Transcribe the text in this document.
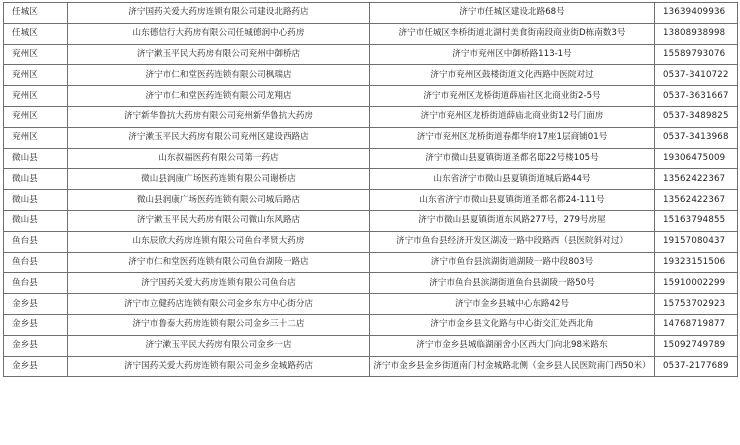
任城区	济宁国药关爱大药房连锁有限公司建设北路药店	济宁市任城区建设北路68号	13639409936
任城区	山东德信行大药房有限公司任城德润中心药房	济宁市任城区李桥街道北湖村美食街南段商业街D栋南数3号	13808938998
兖州区	济宁漱玉平民大药房有限公司兖州中御桥店	济宁市兖州区中御桥路113-1号	15589793076
兖州区	济宁市仁和堂医药连锁有限公司枫瑞店	济宁市兖州区鼓楼街道文化西路中医院对过	0537-3410722
兖州区	济宁市仁和堂医药连锁有限公司龙翔店	济宁市兖州区龙桥街道薛庙社区北商业街2-5号	0537-3631667
兖州区	济宁新华鲁抗大药房有限公司兖州新华鲁抗大药房	济宁市兖州区龙桥街道薛庙北商业街12号门面房	0537-3489825
兖州区	济宁漱玉平民大药房有限公司兖州区建设西路店	济宁市兖州区龙桥街道春都华府17座1层商铺01号	0537-3413968
微山县	山东叔福医药有限公司第一药店	济宁市微山县夏镇街道圣都名邸22号楼105号	19306475009
微山县	微山县润康广场医药连锁有限公司谢桥店	山东省济宁市微山县夏镇街道城后路44号	13562422367
微山县	微山县润康广场医药连锁有限公司城后路店	山东省济宁市微山县夏镇街道圣都名都24-111号	13562422367
微山县	济宁漱玉平民大药房有限公司微山东风路店	济宁市微山县夏镇街道东风路277号，279号房屋	15163794855
鱼台县	山东辰欣大药房连锁有限公司鱼台孝贤大药房	济宁市鱼台县经济开发区湖凌一路中段路西（县医院斜对过）	19157080437
鱼台县	济宁市仁和堂医药连锁有限公司鱼台湖陵一路店	济宁市鱼台县滨湖街道湖陵一路中段803号	19323151506
鱼台县	济宁国药关爱大药房连锁有限公司鱼台店	济宁市鱼台县滨湖街道鱼台县湖陵一路50号	15910002299
金乡县	济宁市立健药店连锁有限公司金乡东方中心街分店	济宁市金乡县城中心东路42号	15753702923
金乡县	济宁市鲁泰大药房连锁有限公司金乡三十二店	济宁市金乡县文化路与中心街交汇处西北角	14768719877
金乡县	济宁漱玉平民大药房有限公司金乡一店	济宁市金乡县城临湖丽舍小区西大门向北98米路东	15092749789
金乡县	济宁国药关爱大药房连锁有限公司金乡金城路药店	济宁市金乡县金乡街道南门村金城路北侧（金乡县人民医院南门西50米）	0537-2177689
